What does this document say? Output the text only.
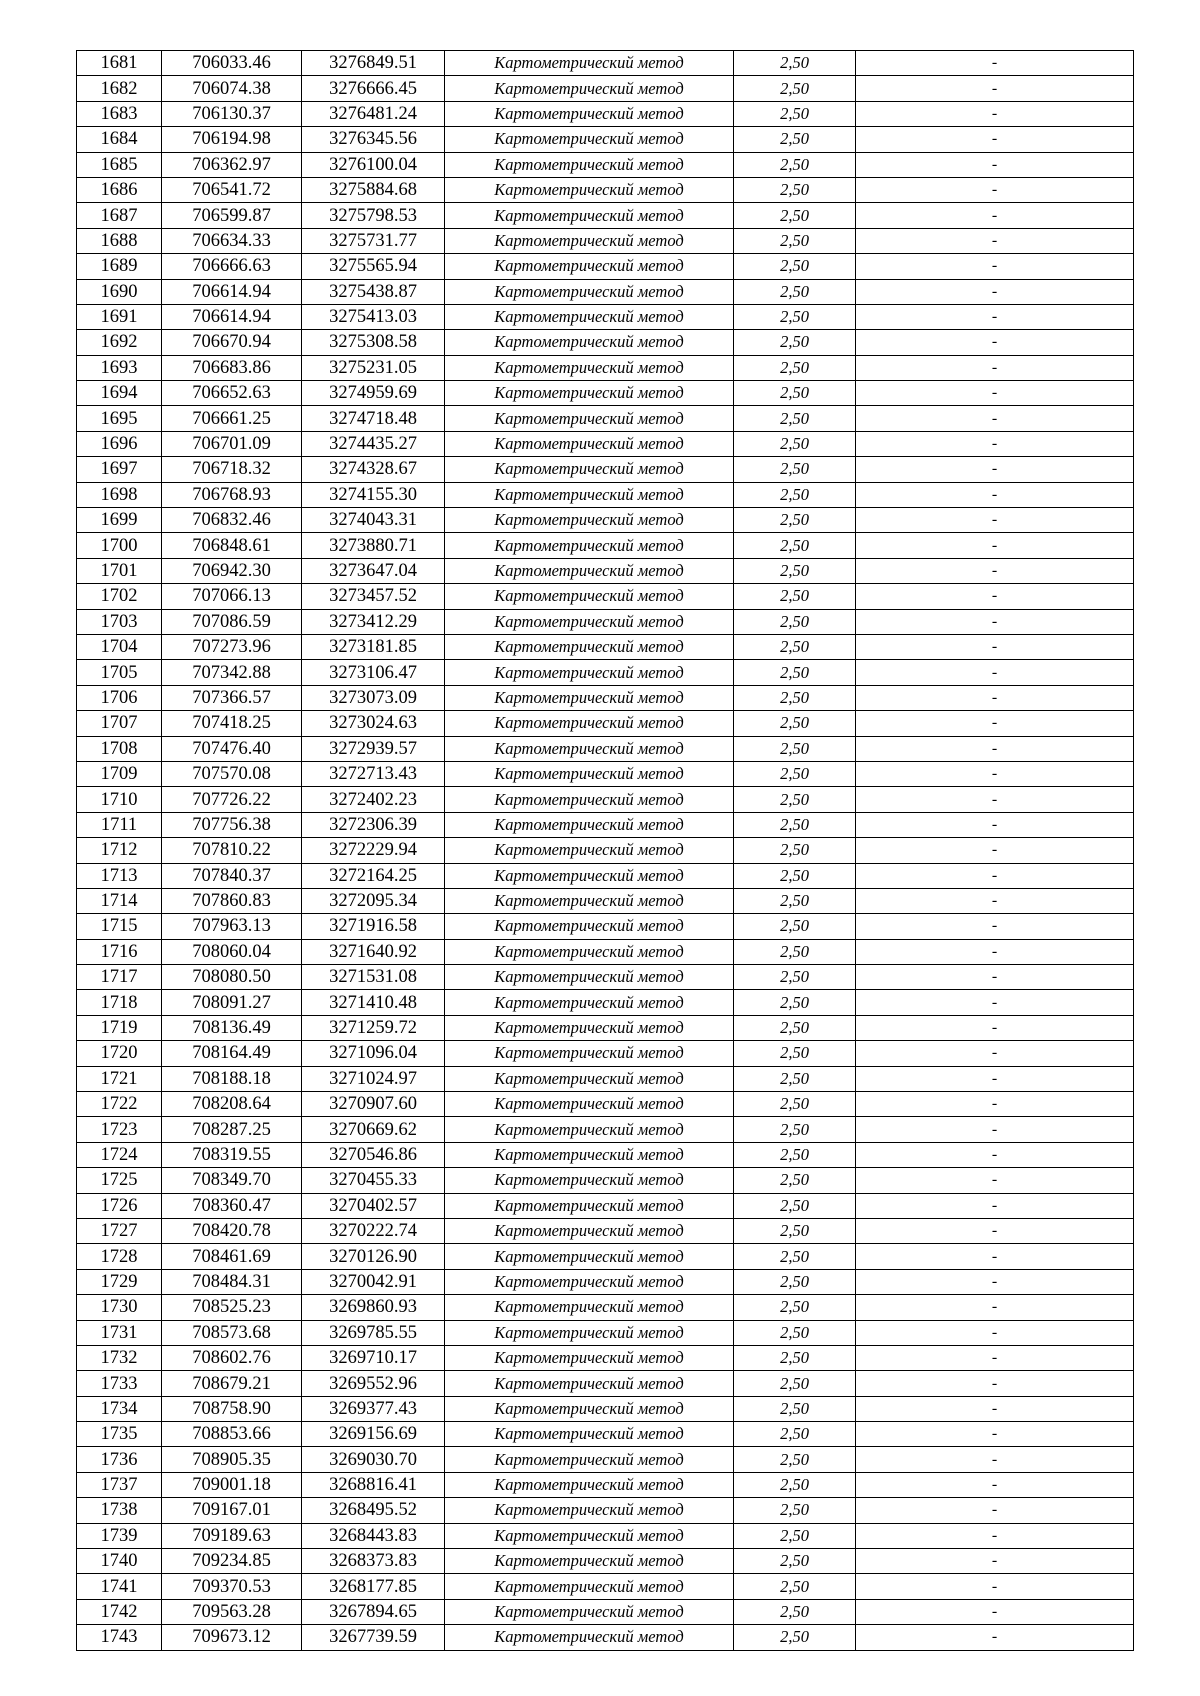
1681	706033.46	3276849.51	Картометрический метод	2,50	-
1682	706074.38	3276666.45	Картометрический метод	2,50	-
1683	706130.37	3276481.24	Картометрический метод	2,50	-
1684	706194.98	3276345.56	Картометрический метод	2,50	-
1685	706362.97	3276100.04	Картометрический метод	2,50	-
1686	706541.72	3275884.68	Картометрический метод	2,50	-
1687	706599.87	3275798.53	Картометрический метод	2,50	-
1688	706634.33	3275731.77	Картометрический метод	2,50	-
1689	706666.63	3275565.94	Картометрический метод	2,50	-
1690	706614.94	3275438.87	Картометрический метод	2,50	-
1691	706614.94	3275413.03	Картометрический метод	2,50	-
1692	706670.94	3275308.58	Картометрический метод	2,50	-
1693	706683.86	3275231.05	Картометрический метод	2,50	-
1694	706652.63	3274959.69	Картометрический метод	2,50	-
1695	706661.25	3274718.48	Картометрический метод	2,50	-
1696	706701.09	3274435.27	Картометрический метод	2,50	-
1697	706718.32	3274328.67	Картометрический метод	2,50	-
1698	706768.93	3274155.30	Картометрический метод	2,50	-
1699	706832.46	3274043.31	Картометрический метод	2,50	-
1700	706848.61	3273880.71	Картометрический метод	2,50	-
1701	706942.30	3273647.04	Картометрический метод	2,50	-
1702	707066.13	3273457.52	Картометрический метод	2,50	-
1703	707086.59	3273412.29	Картометрический метод	2,50	-
1704	707273.96	3273181.85	Картометрический метод	2,50	-
1705	707342.88	3273106.47	Картометрический метод	2,50	-
1706	707366.57	3273073.09	Картометрический метод	2,50	-
1707	707418.25	3273024.63	Картометрический метод	2,50	-
1708	707476.40	3272939.57	Картометрический метод	2,50	-
1709	707570.08	3272713.43	Картометрический метод	2,50	-
1710	707726.22	3272402.23	Картометрический метод	2,50	-
1711	707756.38	3272306.39	Картометрический метод	2,50	-
1712	707810.22	3272229.94	Картометрический метод	2,50	-
1713	707840.37	3272164.25	Картометрический метод	2,50	-
1714	707860.83	3272095.34	Картометрический метод	2,50	-
1715	707963.13	3271916.58	Картометрический метод	2,50	-
1716	708060.04	3271640.92	Картометрический метод	2,50	-
1717	708080.50	3271531.08	Картометрический метод	2,50	-
1718	708091.27	3271410.48	Картометрический метод	2,50	-
1719	708136.49	3271259.72	Картометрический метод	2,50	-
1720	708164.49	3271096.04	Картометрический метод	2,50	-
1721	708188.18	3271024.97	Картометрический метод	2,50	-
1722	708208.64	3270907.60	Картометрический метод	2,50	-
1723	708287.25	3270669.62	Картометрический метод	2,50	-
1724	708319.55	3270546.86	Картометрический метод	2,50	-
1725	708349.70	3270455.33	Картометрический метод	2,50	-
1726	708360.47	3270402.57	Картометрический метод	2,50	-
1727	708420.78	3270222.74	Картометрический метод	2,50	-
1728	708461.69	3270126.90	Картометрический метод	2,50	-
1729	708484.31	3270042.91	Картометрический метод	2,50	-
1730	708525.23	3269860.93	Картометрический метод	2,50	-
1731	708573.68	3269785.55	Картометрический метод	2,50	-
1732	708602.76	3269710.17	Картометрический метод	2,50	-
1733	708679.21	3269552.96	Картометрический метод	2,50	-
1734	708758.90	3269377.43	Картометрический метод	2,50	-
1735	708853.66	3269156.69	Картометрический метод	2,50	-
1736	708905.35	3269030.70	Картометрический метод	2,50	-
1737	709001.18	3268816.41	Картометрический метод	2,50	-
1738	709167.01	3268495.52	Картометрический метод	2,50	-
1739	709189.63	3268443.83	Картометрический метод	2,50	-
1740	709234.85	3268373.83	Картометрический метод	2,50	-
1741	709370.53	3268177.85	Картометрический метод	2,50	-
1742	709563.28	3267894.65	Картометрический метод	2,50	-
1743	709673.12	3267739.59	Картометрический метод	2,50	-
